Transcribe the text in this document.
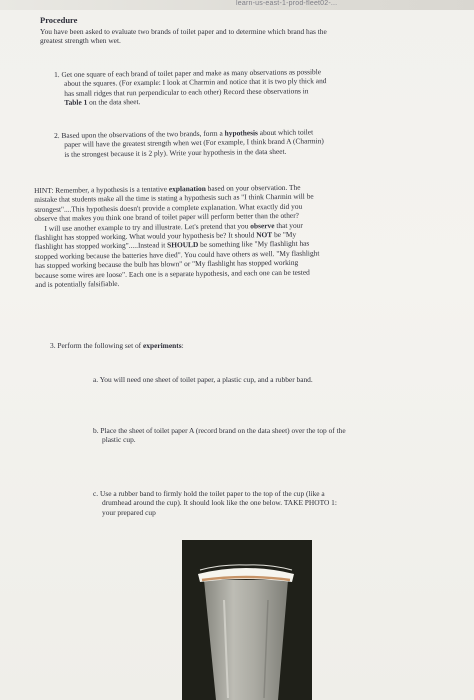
learn-us-east-1-prod-fleet02-...
Procedure
You have been asked to evaluate two brands of toilet paper and to determine which brand has the
greatest strength when wet.
1. Get one square of each brand of toilet paper and make as many observations as possible
about the squares. (For example: I look at Charmin and notice that it is two ply thick and
has small ridges that run perpendicular to each other) Record these observations in
Table 1 on the data sheet.
2. Based upon the observations of the two brands, form a hypothesis about which toilet
paper will have the greatest strength when wet (For example, I think brand A (Charmin)
is the strongest because it is 2 ply). Write your hypothesis in the data sheet.
HINT: Remember, a hypothesis is a tentative explanation based on your observation. The
mistake that students make all the time is stating a hypothesis such as "I think Charmin will be
strongest"....This hypothesis doesn't provide a complete explanation. What exactly did you
observe that makes you think one brand of toilet paper will perform better than the other?
I will use another example to try and illustrate. Let's pretend that you observe that your
flashlight has stopped working. What would your hypothesis be? It should NOT be "My
flashlight has stopped working".....Instead it SHOULD be something like "My flashlight has
stopped working because the batteries have died". You could have others as well. "My flashlight
has stopped working because the bulb has blown" or "My flashlight has stopped working
because some wires are loose". Each one is a separate hypothesis, and each one can be tested
and is potentially falsifiable.
3. Perform the following set of experiments:
a. You will need one sheet of toilet paper, a plastic cup, and a rubber band.
b. Place the sheet of toilet paper A (record brand on the data sheet) over the top of the
plastic cup.
c. Use a rubber band to firmly hold the toilet paper to the top of the cup (like a
drumhead around the cup). It should look like the one below. TAKE PHOTO 1:
your prepared cup
